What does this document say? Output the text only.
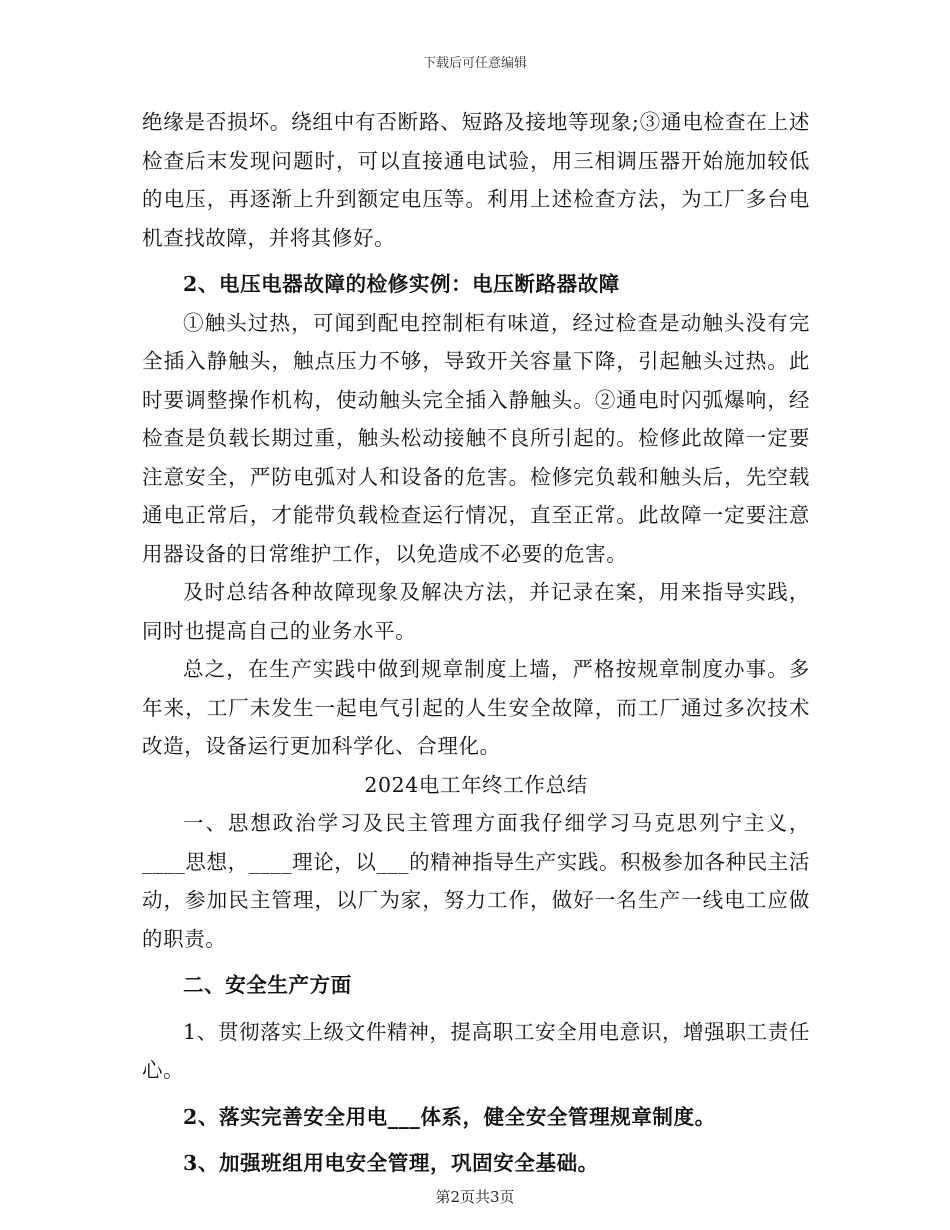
下载后可任意编辑

绝缘是否损坏。绕组中有否断路、短路及接地等现象;③通电检查在上述检查后末发现问题时，可以直接通电试验，用三相调压器开始施加较低的电压，再逐渐上升到额定电压等。利用上述检查方法，为工厂多台电机查找故障，并将其修好。

2、电压电器故障的检修实例：电压断路器故障

①触头过热，可闻到配电控制柜有味道，经过检查是动触头没有完全插入静触头，触点压力不够，导致开关容量下降，引起触头过热。此时要调整操作机构，使动触头完全插入静触头。②通电时闪弧爆响，经检查是负载长期过重，触头松动接触不良所引起的。检修此故障一定要注意安全，严防电弧对人和设备的危害。检修完负载和触头后，先空载通电正常后，才能带负载检查运行情况，直至正常。此故障一定要注意用器设备的日常维护工作，以免造成不必要的危害。

及时总结各种故障现象及解决方法，并记录在案，用来指导实践，同时也提高自己的业务水平。

总之，在生产实践中做到规章制度上墙，严格按规章制度办事。多年来，工厂未发生一起电气引起的人生安全故障，而工厂通过多次技术改造，设备运行更加科学化、合理化。

2024电工年终工作总结

一、思想政治学习及民主管理方面我仔细学习马克思列宁主义，____思想，____理论，以___的精神指导生产实践。积极参加各种民主活动，参加民主管理，以厂为家，努力工作，做好一名生产一线电工应做的职责。

二、安全生产方面

1、贯彻落实上级文件精神，提高职工安全用电意识，增强职工责任心。

2、落实完善安全用电___体系，健全安全管理规章制度。

3、加强班组用电安全管理，巩固安全基础。

第2页共3页
